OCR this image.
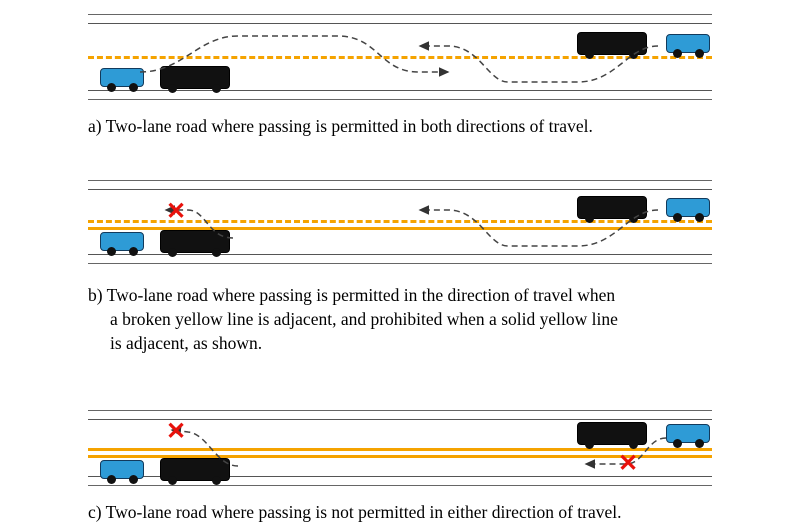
a) Two-lane road where passing is permitted in both directions of travel.
✕
b) Two-lane road where passing is permitted in the direction of travel when
a broken yellow line is adjacent, and prohibited when a solid yellow line
is adjacent, as shown.
✕
✕
c) Two-lane road where passing is not permitted in either direction of travel.
